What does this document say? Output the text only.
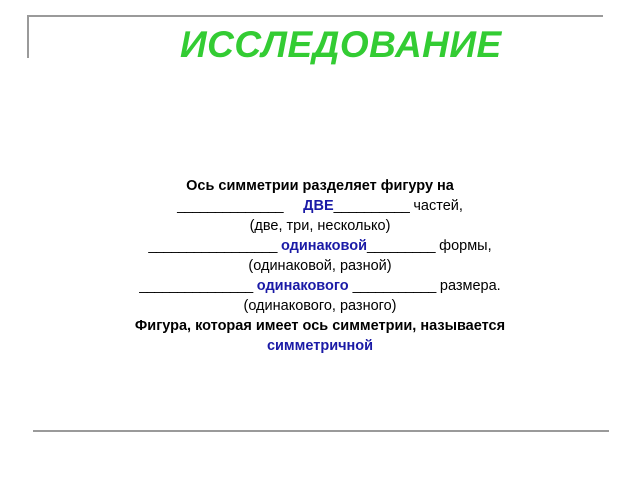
ИССЛЕДОВАНИЕ
Ось симметрии разделяет фигуру на
______________ ДВЕ__________ частей,
(две, три, несколько)
_________________ одинаковой_________ формы,
(одинаковой, разной)
_______________ одинакового ___________ размера.
(одинакового, разного)
Фигура, которая имеет ось симметрии, называется
симметричной
